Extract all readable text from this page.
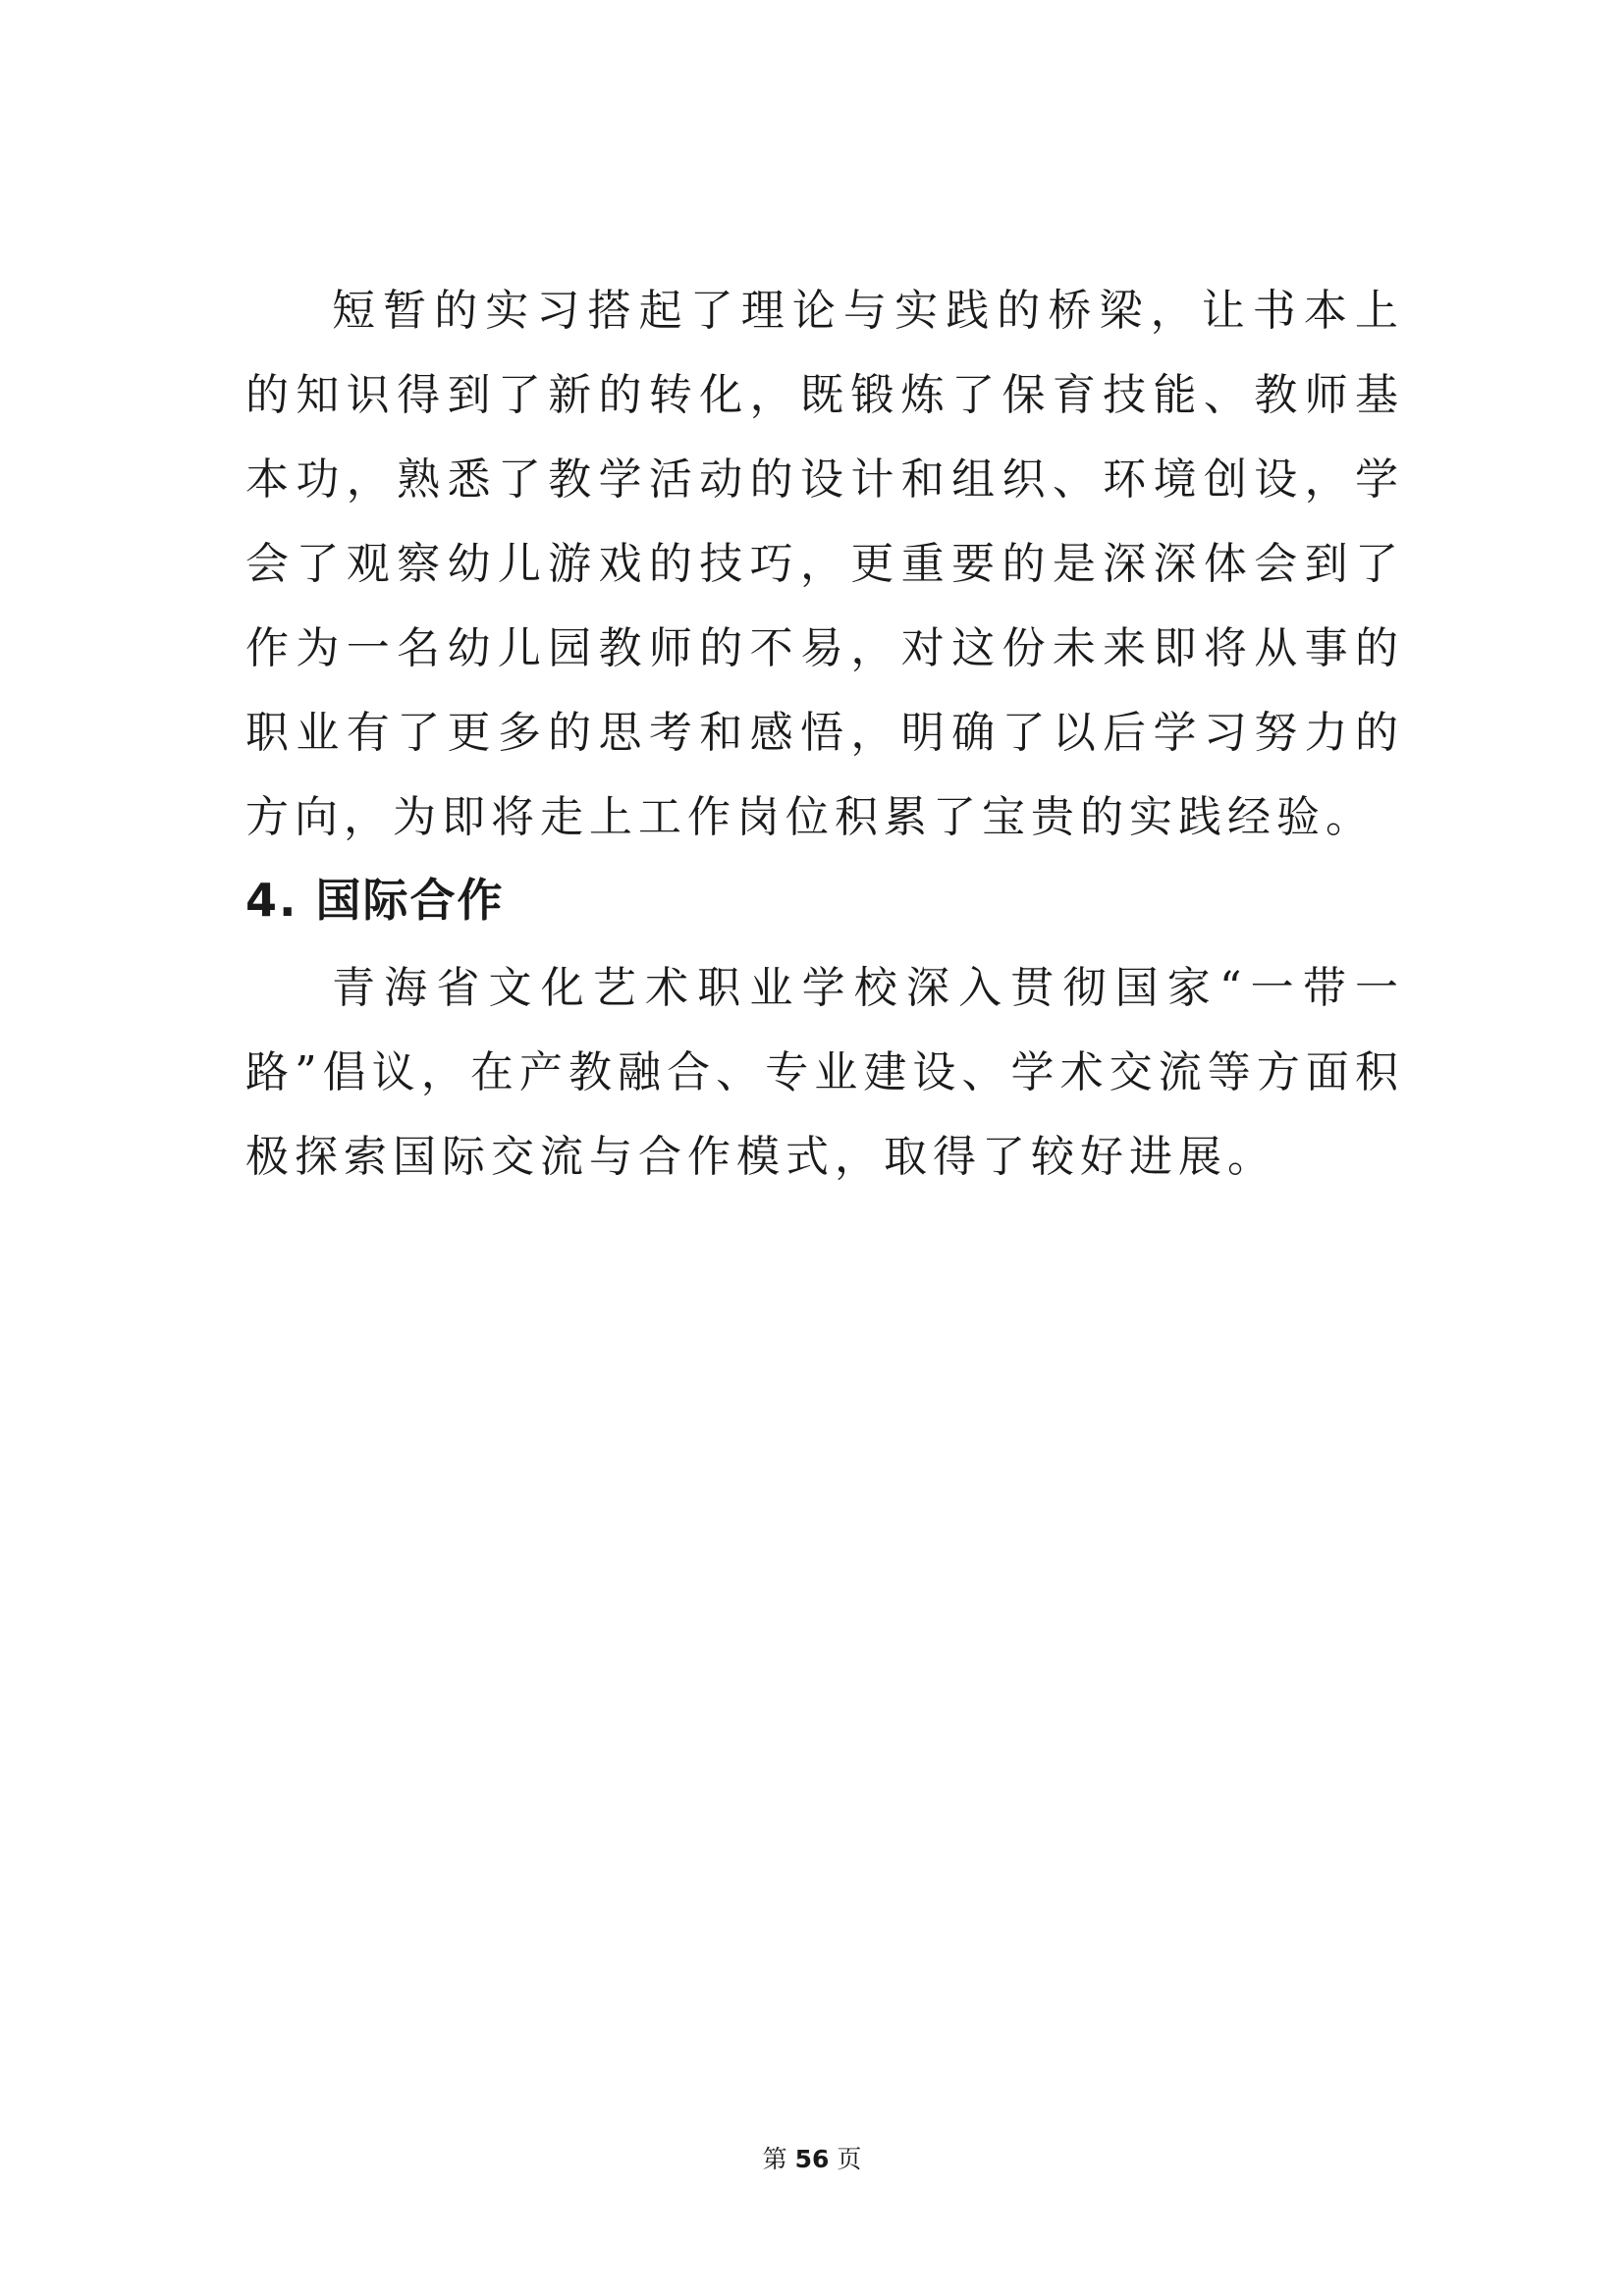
短暂的实习搭起了理论与实践的桥梁，让书本上的知识得到了新的转化，既锻炼了保育技能、教师基本功，熟悉了教学活动的设计和组织、环境创设，学会了观察幼儿游戏的技巧，更重要的是深深体会到了作为一名幼儿园教师的不易，对这份未来即将从事的职业有了更多的思考和感悟，明确了以后学习努力的方向，为即将走上工作岗位积累了宝贵的实践经验。

4. 国际合作

青海省文化艺术职业学校深入贯彻国家“一带一路”倡议，在产教融合、专业建设、学术交流等方面积极探索国际交流与合作模式，取得了较好进展。

第 56 页
